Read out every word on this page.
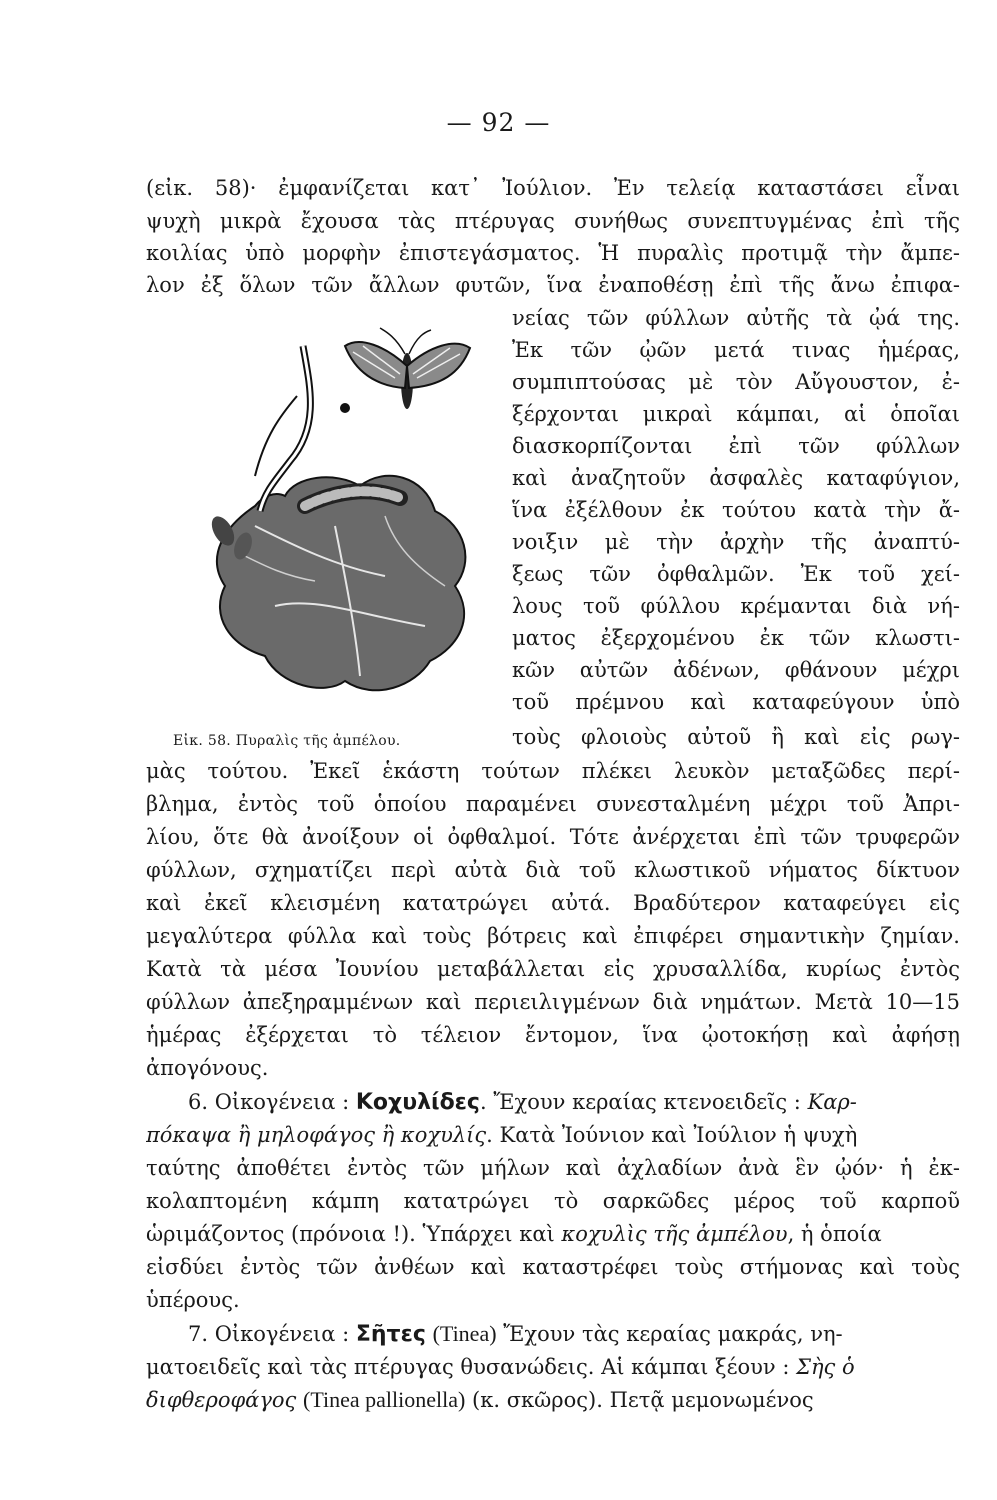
— 92 —
(εἰκ. 58)· ἐμφανίζεται κατ᾽ Ἰούλιον. Ἐν τελείᾳ καταστάσει εἶναι
ψυχὴ μικρὰ ἔχουσα τὰς πτέρυγας συνήθως συνεπτυγμένας ἐπὶ τῆς
κοιλίας ὑπὸ μορφὴν ἐπιστεγάσματος. Ἡ πυραλὶς προτιμᾷ τὴν ἄμπε-
λον ἐξ ὅλων τῶν ἄλλων φυτῶν, ἵνα ἐναποθέσῃ ἐπὶ τῆς ἄνω ἐπιφα-
νείας τῶν φύλλων αὐτῆς τὰ ᾠά της.
Ἐκ τῶν ᾠῶν μετά τινας ἡμέρας,
συμπιπτούσας μὲ τὸν Αὔγουστον, ἐ-
ξέρχονται μικραὶ κάμπαι, αἱ ὁποῖαι
διασκορπίζονται ἐπὶ τῶν φύλλων
καὶ ἀναζητοῦν ἀσφαλὲς καταφύγιον,
ἵνα ἐξέλθουν ἐκ τούτου κατὰ τὴν ἄ-
νοιξιν μὲ τὴν ἀρχὴν τῆς ἀναπτύ-
ξεως τῶν ὀφθαλμῶν. Ἐκ τοῦ χεί-
λους τοῦ φύλλου κρέμανται διὰ νή-
ματος ἐξερχομένου ἐκ τῶν κλωστι-
κῶν αὐτῶν ἀδένων, φθάνουν μέχρι
τοῦ πρέμνου καὶ καταφεύγουν ὑπὸ
τοὺς φλοιοὺς αὐτοῦ ἢ καὶ εἰς ρωγ-
Εἰκ. 58. Πυραλὶς τῆς ἀμπέλου.
μὰς τούτου. Ἐκεῖ ἑκάστη τούτων πλέκει λευκὸν μεταξῶδες περί-
βλημα, ἐντὸς τοῦ ὁποίου παραμένει συνεσταλμένη μέχρι τοῦ Ἀπρι-
λίου, ὅτε θὰ ἀνοίξουν οἱ ὀφθαλμοί. Τότε ἀνέρχεται ἐπὶ τῶν τρυφερῶν
φύλλων, σχηματίζει περὶ αὐτὰ διὰ τοῦ κλωστικοῦ νήματος δίκτυον
καὶ ἐκεῖ κλεισμένη κατατρώγει αὐτά. Βραδύτερον καταφεύγει εἰς
μεγαλύτερα φύλλα καὶ τοὺς βότρεις καὶ ἐπιφέρει σημαντικὴν ζημίαν.
Κατὰ τὰ μέσα Ἰουνίου μεταβάλλεται εἰς χρυσαλλίδα, κυρίως ἐντὸς
φύλλων ἀπεξηραμμένων καὶ περιειλιγμένων διὰ νημάτων. Μετὰ 10—15
ἡμέρας ἐξέρχεται τὸ τέλειον ἔντομον, ἵνα ᾠοτοκήσῃ καὶ ἀφήσῃ
ἀπογόνους.
6. Οἰκογένεια : Κοχυλίδες. Ἔχουν κεραίας κτενοειδεῖς : Καρ-
πόκαψα ἢ μηλοφάγος ἢ κοχυλίς. Κατὰ Ἰούνιον καὶ Ἰούλιον ἡ ψυχὴ
ταύτης ἀποθέτει ἐντὸς τῶν μήλων καὶ ἀχλαδίων ἀνὰ ἓν ᾠόν· ἡ ἐκ-
κολαπτομένη κάμπη κατατρώγει τὸ σαρκῶδες μέρος τοῦ καρποῦ
ὡριμάζοντος (πρόνοια !). Ὑπάρχει καὶ κοχυλὶς τῆς ἀμπέλου, ἡ ὁποία
εἰσδύει ἐντὸς τῶν ἀνθέων καὶ καταστρέφει τοὺς στήμονας καὶ τοὺς
ὑπέρους.
7. Οἰκογένεια : Σῆτες (Tinea) Ἔχουν τὰς κεραίας μακράς, νη-
ματοειδεῖς καὶ τὰς πτέρυγας θυσανώδεις. Αἱ κάμπαι ξέουν : Σὴς ὁ
διφθεροφάγος (Tinea pallionella) (κ. σκῶρος). Πετᾷ μεμονωμένος
